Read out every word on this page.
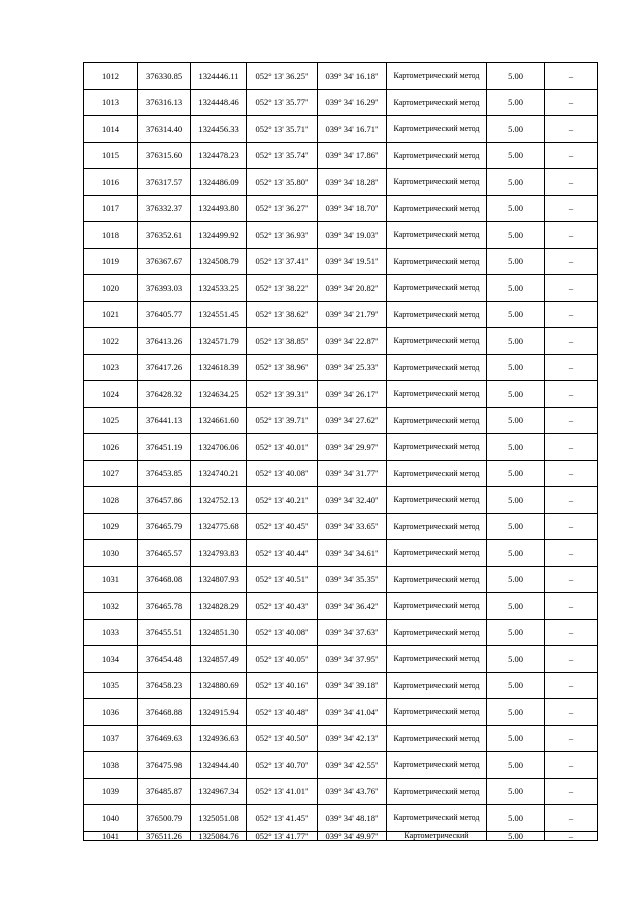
1012	376330.85	1324446.11	052° 13' 36.25"	039° 34' 16.18"	Картометрический метод	5.00	–
1013	376316.13	1324448.46	052° 13' 35.77"	039° 34' 16.29"	Картометрический метод	5.00	–
1014	376314.40	1324456.33	052° 13' 35.71"	039° 34' 16.71"	Картометрический метод	5.00	–
1015	376315.60	1324478.23	052° 13' 35.74"	039° 34' 17.86"	Картометрический метод	5.00	–
1016	376317.57	1324486.09	052° 13' 35.80"	039° 34' 18.28"	Картометрический метод	5.00	–
1017	376332.37	1324493.80	052° 13' 36.27"	039° 34' 18.70"	Картометрический метод	5.00	–
1018	376352.61	1324499.92	052° 13' 36.93"	039° 34' 19.03"	Картометрический метод	5.00	–
1019	376367.67	1324508.79	052° 13' 37.41"	039° 34' 19.51"	Картометрический метод	5.00	–
1020	376393.03	1324533.25	052° 13' 38.22"	039° 34' 20.82"	Картометрический метод	5.00	–
1021	376405.77	1324551.45	052° 13' 38.62"	039° 34' 21.79"	Картометрический метод	5.00	–
1022	376413.26	1324571.79	052° 13' 38.85"	039° 34' 22.87"	Картометрический метод	5.00	–
1023	376417.26	1324618.39	052° 13' 38.96"	039° 34' 25.33"	Картометрический метод	5.00	–
1024	376428.32	1324634.25	052° 13' 39.31"	039° 34' 26.17"	Картометрический метод	5.00	–
1025	376441.13	1324661.60	052° 13' 39.71"	039° 34' 27.62"	Картометрический метод	5.00	–
1026	376451.19	1324706.06	052° 13' 40.01"	039° 34' 29.97"	Картометрический метод	5.00	–
1027	376453.85	1324740.21	052° 13' 40.08"	039° 34' 31.77"	Картометрический метод	5.00	–
1028	376457.86	1324752.13	052° 13' 40.21"	039° 34' 32.40"	Картометрический метод	5.00	–
1029	376465.79	1324775.68	052° 13' 40.45"	039° 34' 33.65"	Картометрический метод	5.00	–
1030	376465.57	1324793.83	052° 13' 40.44"	039° 34' 34.61"	Картометрический метод	5.00	–
1031	376468.08	1324807.93	052° 13' 40.51"	039° 34' 35.35"	Картометрический метод	5.00	–
1032	376465.78	1324828.29	052° 13' 40.43"	039° 34' 36.42"	Картометрический метод	5.00	–
1033	376455.51	1324851.30	052° 13' 40.08"	039° 34' 37.63"	Картометрический метод	5.00	–
1034	376454.48	1324857.49	052° 13' 40.05"	039° 34' 37.95"	Картометрический метод	5.00	–
1035	376458.23	1324880.69	052° 13' 40.16"	039° 34' 39.18"	Картометрический метод	5.00	–
1036	376468.88	1324915.94	052° 13' 40.48"	039° 34' 41.04"	Картометрический метод	5.00	–
1037	376469.63	1324936.63	052° 13' 40.50"	039° 34' 42.13"	Картометрический метод	5.00	–
1038	376475.98	1324944.40	052° 13' 40.70"	039° 34' 42.55"	Картометрический метод	5.00	–
1039	376485.87	1324967.34	052° 13' 41.01"	039° 34' 43.76"	Картометрический метод	5.00	–
1040	376500.79	1325051.08	052° 13' 41.45"	039° 34' 48.18"	Картометрический метод	5.00	–
1041	376511.26	1325084.76	052° 13' 41.77"	039° 34' 49.97"	Картометрический	5.00	–
